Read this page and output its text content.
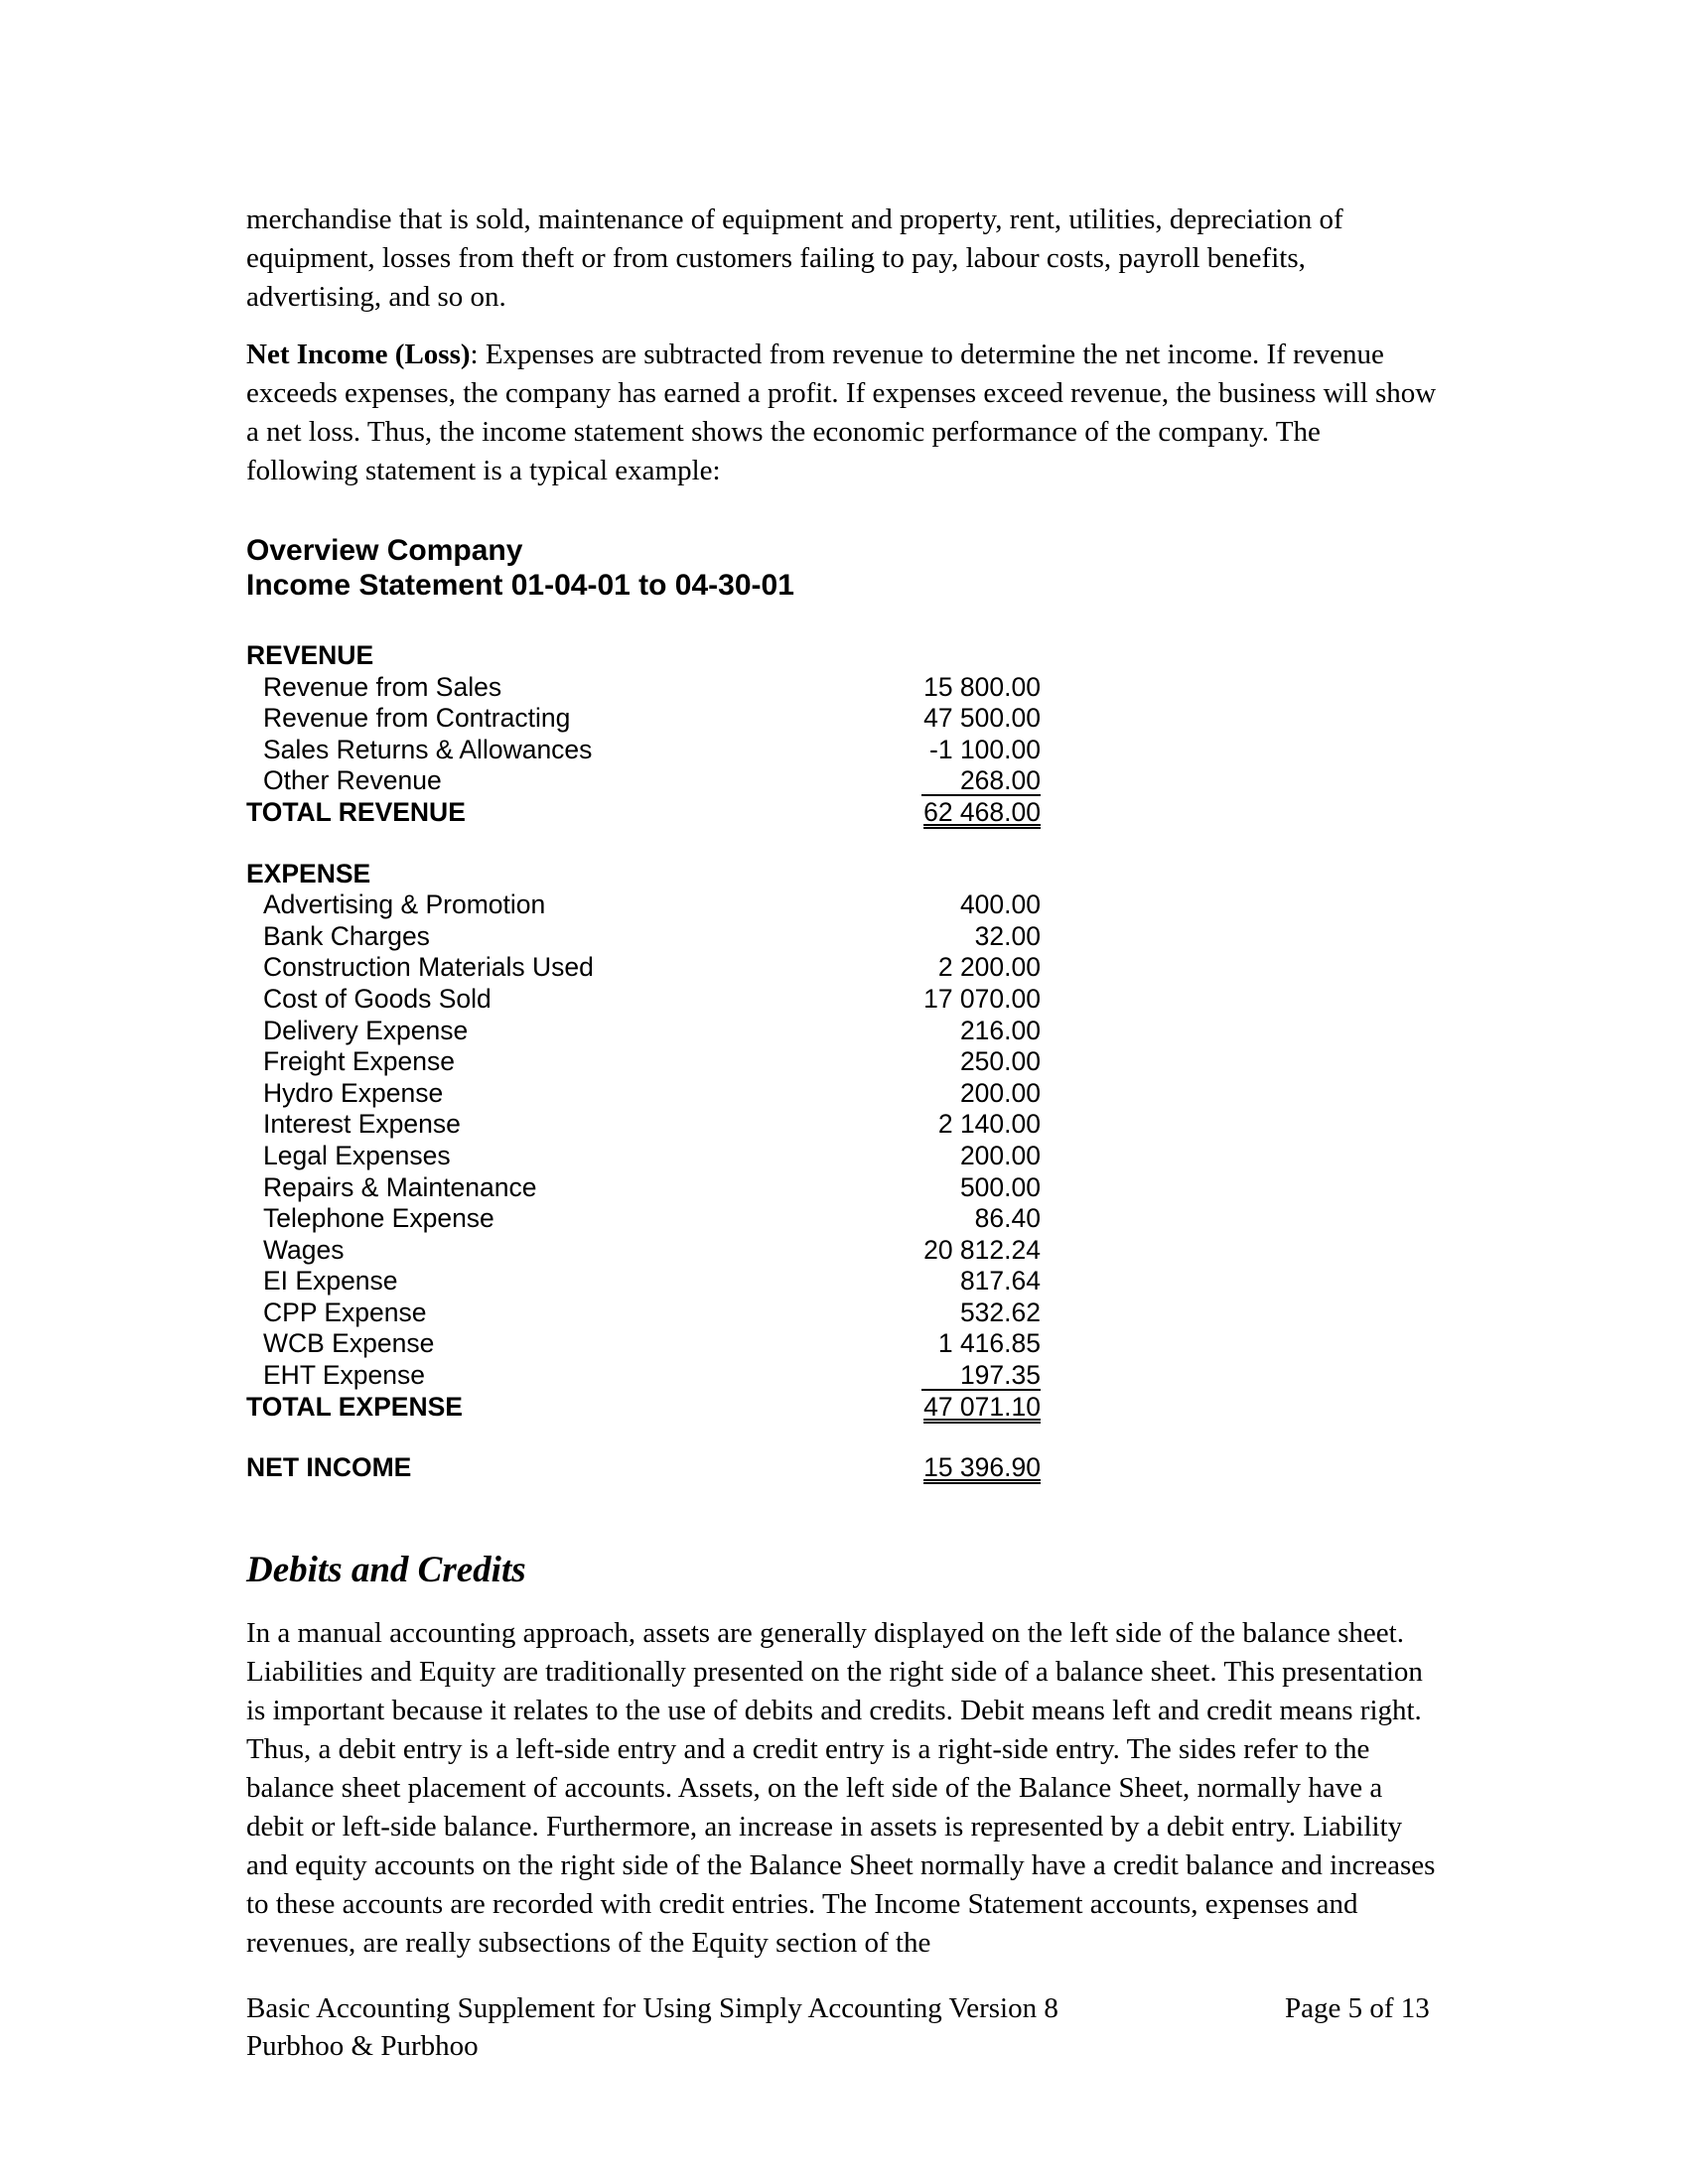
merchandise that is sold, maintenance of equipment and property, rent, utilities, depreciation of equipment, losses from theft or from customers failing to pay, labour costs, payroll benefits, advertising, and so on.

Net Income (Loss): Expenses are subtracted from revenue to determine the net income. If revenue exceeds expenses, the company has earned a profit. If expenses exceed revenue, the business will show a net loss. Thus, the income statement shows the economic performance of the company. The following statement is a typical example:

Overview Company
Income Statement 01-04-01 to 04-30-01
REVENUE
Revenue from Sales	15 800.00
Revenue from Contracting	47 500.00
Sales Returns & Allowances	-1 100.00
Other Revenue	268.00
TOTAL REVENUE	62 468.00
EXPENSE
Advertising & Promotion	400.00
Bank Charges	32.00
Construction Materials Used	2 200.00
Cost of Goods Sold	17 070.00
Delivery Expense	216.00
Freight Expense	250.00
Hydro Expense	200.00
Interest Expense	2 140.00
Legal Expenses	200.00
Repairs & Maintenance	500.00
Telephone Expense	86.40
Wages	20 812.24
EI Expense	817.64
CPP Expense	532.62
WCB Expense	1 416.85
EHT Expense	197.35
TOTAL EXPENSE	47 071.10
NET INCOME	15 396.90
Debits and Credits

In a manual accounting approach, assets are generally displayed on the left side of the balance sheet. Liabilities and Equity are traditionally presented on the right side of a balance sheet. This presentation is important because it relates to the use of debits and credits. Debit means left and credit means right. Thus, a debit entry is a left-side entry and a credit entry is a right-side entry. The sides refer to the balance sheet placement of accounts. Assets, on the left side of the Balance Sheet, normally have a debit or left-side balance. Furthermore, an increase in assets is represented by a debit entry. Liability and equity accounts on the right side of the Balance Sheet normally have a credit balance and increases to these accounts are recorded with credit entries. The Income Statement accounts, expenses and revenues, are really subsections of the Equity section of the

Basic Accounting Supplement for Using Simply Accounting Version 8
Purbhoo & Purbhoo
Page 5 of 13
